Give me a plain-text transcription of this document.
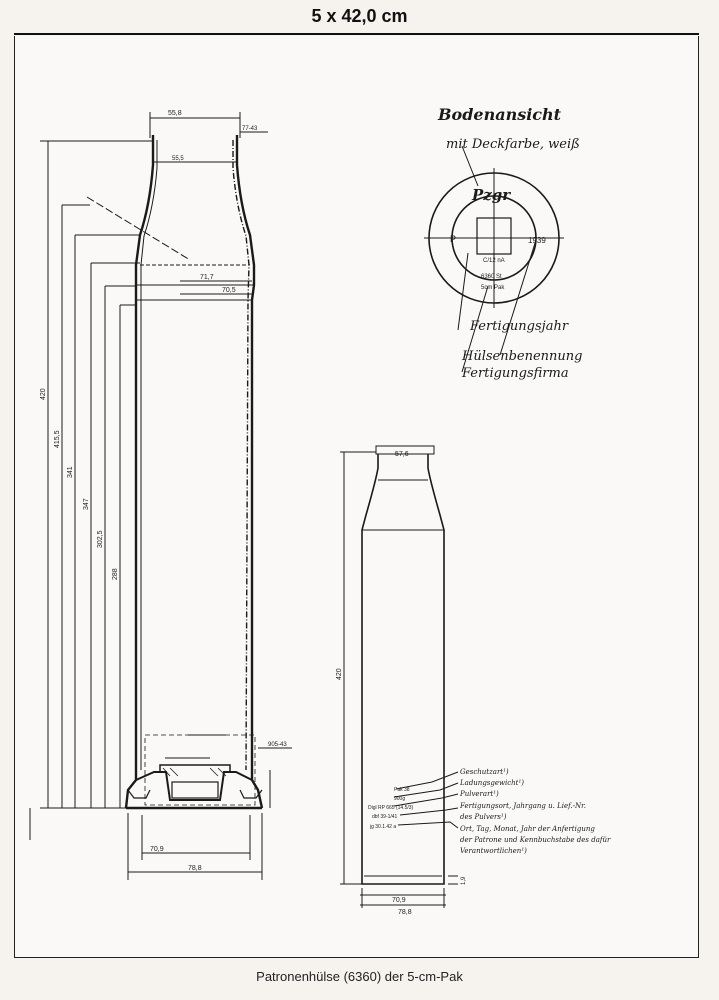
5 x 42,0 cm
Bodenansicht
mit Deckfarbe, weiß
Pzgr
P	1939
C/12 nA
6360 St
5cm Pak
Fertigungsjahr
Hülsenbenennung
Fertigungsfirma
55,8
55,5
77-43
71,7
70,5
905-43
70,9
78,8
420
415,5
341
347
302,5
288
57,6
420
70,9
78,8
1,9
Pak 38
900g
Digl RP 665 (14.5/3)
dbf 39-1/41
jg 30.1.42 a
Geschutzart¹)
Ladungsgewicht¹)
Pulverart¹)
Fertigungsort, Jahrgang u. Lief.-Nr.
des Pulvers¹)
Ort, Tag, Monat, Jahr der Anfertigung
der Patrone und Kennbuchstabe des dafür
Verantwortlichen¹)
Patronenhülse (6360) der 5-cm-Pak
